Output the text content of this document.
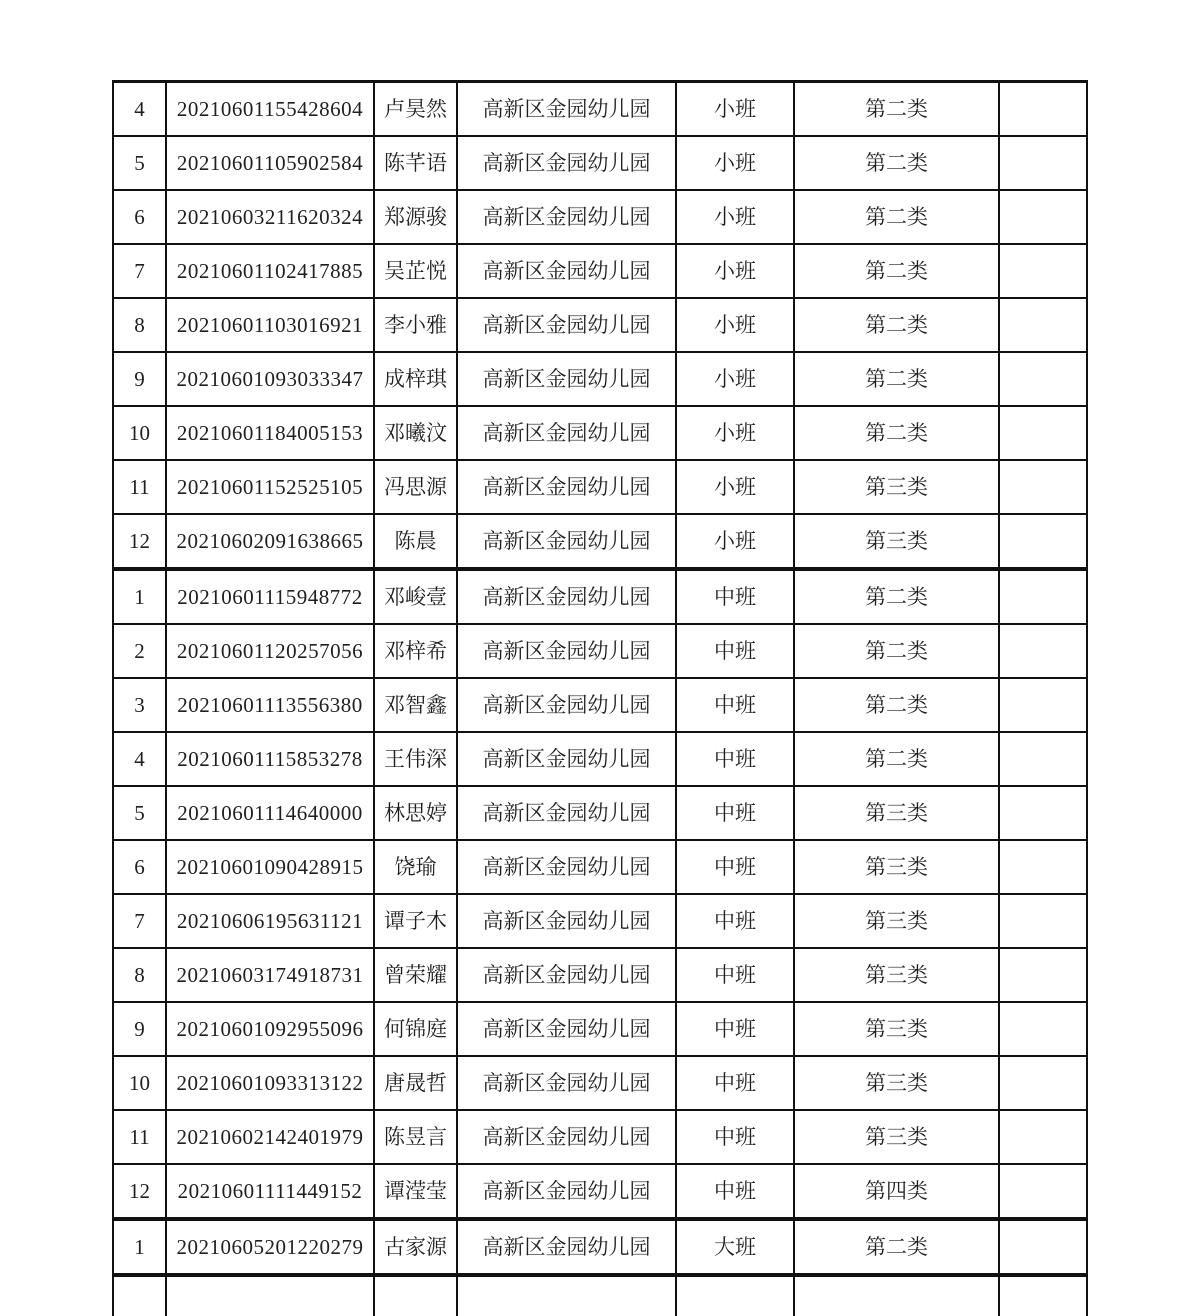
4	20210601155428604	卢昊然	高新区金园幼儿园	小班	第二类	
5	20210601105902584	陈芊语	高新区金园幼儿园	小班	第二类	
6	20210603211620324	郑源骏	高新区金园幼儿园	小班	第二类	
7	20210601102417885	吴芷悦	高新区金园幼儿园	小班	第二类	
8	20210601103016921	李小雅	高新区金园幼儿园	小班	第二类	
9	20210601093033347	成梓琪	高新区金园幼儿园	小班	第二类	
10	20210601184005153	邓曦汶	高新区金园幼儿园	小班	第二类	
11	20210601152525105	冯思源	高新区金园幼儿园	小班	第三类	
12	20210602091638665	陈晨	高新区金园幼儿园	小班	第三类	
1	20210601115948772	邓峻壹	高新区金园幼儿园	中班	第二类	
2	20210601120257056	邓梓希	高新区金园幼儿园	中班	第二类	
3	20210601113556380	邓智鑫	高新区金园幼儿园	中班	第二类	
4	20210601115853278	王伟深	高新区金园幼儿园	中班	第二类	
5	20210601114640000	林思婷	高新区金园幼儿园	中班	第三类	
6	20210601090428915	饶瑜	高新区金园幼儿园	中班	第三类	
7	20210606195631121	谭子木	高新区金园幼儿园	中班	第三类	
8	20210603174918731	曾荣耀	高新区金园幼儿园	中班	第三类	
9	20210601092955096	何锦庭	高新区金园幼儿园	中班	第三类	
10	20210601093313122	唐晟哲	高新区金园幼儿园	中班	第三类	
11	20210602142401979	陈昱言	高新区金园幼儿园	中班	第三类	
12	20210601111449152	谭滢莹	高新区金园幼儿园	中班	第四类	
1	20210605201220279	古家源	高新区金园幼儿园	大班	第二类	
